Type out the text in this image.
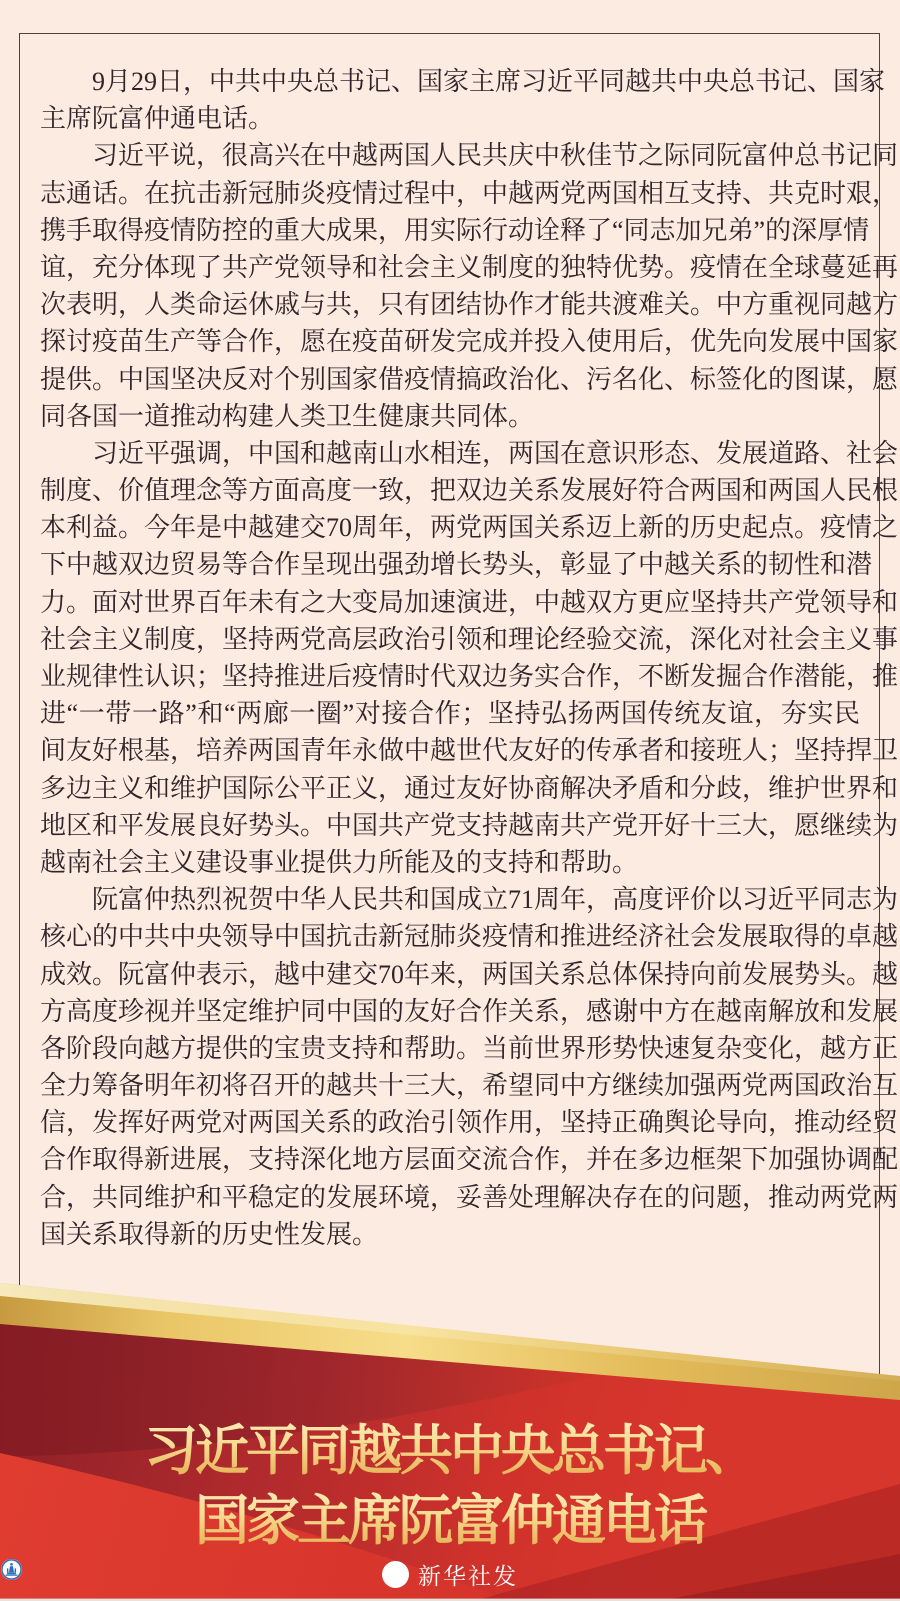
9月29日，中共中央总书记、国家主席习近平同越共中央总书记、国家
主席阮富仲通电话。
习近平说，很高兴在中越两国人民共庆中秋佳节之际同阮富仲总书记同
志通话。在抗击新冠肺炎疫情过程中，中越两党两国相互支持、共克时艰，
携手取得疫情防控的重大成果，用实际行动诠释了“同志加兄弟”的深厚情
谊，充分体现了共产党领导和社会主义制度的独特优势。疫情在全球蔓延再
次表明，人类命运休戚与共，只有团结协作才能共渡难关。中方重视同越方
探讨疫苗生产等合作，愿在疫苗研发完成并投入使用后，优先向发展中国家
提供。中国坚决反对个别国家借疫情搞政治化、污名化、标签化的图谋，愿
同各国一道推动构建人类卫生健康共同体。
习近平强调，中国和越南山水相连，两国在意识形态、发展道路、社会
制度、价值理念等方面高度一致，把双边关系发展好符合两国和两国人民根
本利益。今年是中越建交70周年，两党两国关系迈上新的历史起点。疫情之
下中越双边贸易等合作呈现出强劲增长势头，彰显了中越关系的韧性和潜
力。面对世界百年未有之大变局加速演进，中越双方更应坚持共产党领导和
社会主义制度，坚持两党高层政治引领和理论经验交流，深化对社会主义事
业规律性认识；坚持推进后疫情时代双边务实合作，不断发掘合作潜能，推
进“一带一路”和“两廊一圈”对接合作；坚持弘扬两国传统友谊，夯实民
间友好根基，培养两国青年永做中越世代友好的传承者和接班人；坚持捍卫
多边主义和维护国际公平正义，通过友好协商解决矛盾和分歧，维护世界和
地区和平发展良好势头。中国共产党支持越南共产党开好十三大，愿继续为
越南社会主义建设事业提供力所能及的支持和帮助。
阮富仲热烈祝贺中华人民共和国成立71周年，高度评价以习近平同志为
核心的中共中央领导中国抗击新冠肺炎疫情和推进经济社会发展取得的卓越
成效。阮富仲表示，越中建交70年来，两国关系总体保持向前发展势头。越
方高度珍视并坚定维护同中国的友好合作关系，感谢中方在越南解放和发展
各阶段向越方提供的宝贵支持和帮助。当前世界形势快速复杂变化，越方正
全力筹备明年初将召开的越共十三大，希望同中方继续加强两党两国政治互
信，发挥好两党对两国关系的政治引领作用，坚持正确舆论导向，推动经贸
合作取得新进展，支持深化地方层面交流合作，并在多边框架下加强协调配
合，共同维护和平稳定的发展环境，妥善处理解决存在的问题，推动两党两
国关系取得新的历史性发展。
习近平同越共中央总书记、
国家主席阮富仲通电话
新华社发
